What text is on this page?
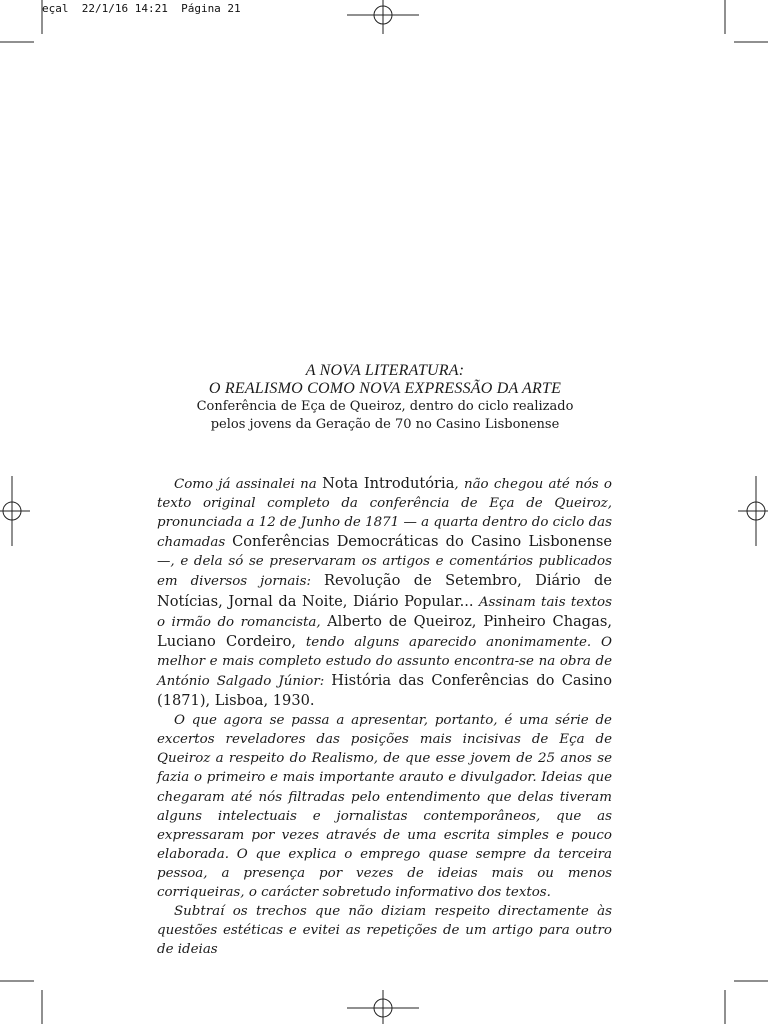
eçal  22/1/16 14:21  Página 21
A NOVA LITERATURA:
O REALISMO COMO NOVA EXPRESSÃO DA ARTE
Conferência de Eça de Queiroz, dentro do ciclo realizado
pelos jovens da Geração de 70 no Casino Lisbonense

Como já assinalei na Nota Introdutória, não chegou até nós o texto original completo da conferência de Eça de Queiroz, pronunciada a 12 de Junho de 1871 — a quarta dentro do ciclo das chamadas Conferências Democráticas do Casino Lisbonense —, e dela só se preservaram os artigos e comentários publicados em diversos jornais: Revolução de Setembro, Diário de Notícias, Jornal da Noite, Diário Popular... Assinam tais textos o irmão do romancista, Alberto de Queiroz, Pinheiro Chagas, Luciano Cordeiro, tendo alguns aparecido anonimamente. O melhor e mais completo estudo do assunto encontra-se na obra de António Salgado Júnior: História das Conferências do Casino (1871), Lisboa, 1930.

O que agora se passa a apresentar, portanto, é uma série de excertos reveladores das posições mais incisivas de Eça de Queiroz a respeito do Realismo, de que esse jovem de 25 anos se fazia o primeiro e mais importante arauto e divulgador. Ideias que chegaram até nós filtradas pelo entendimento que delas tiveram alguns intelectuais e jornalistas contemporâneos, que as expressaram por vezes através de uma escrita simples e pouco elaborada. O que explica o emprego quase sempre da terceira pessoa, a presença por vezes de ideias mais ou menos corriqueiras, o carácter sobretudo informativo dos textos.

Subtraí os trechos que não diziam respeito directamente às questões estéticas e evitei as repetições de um artigo para outro de ideias
